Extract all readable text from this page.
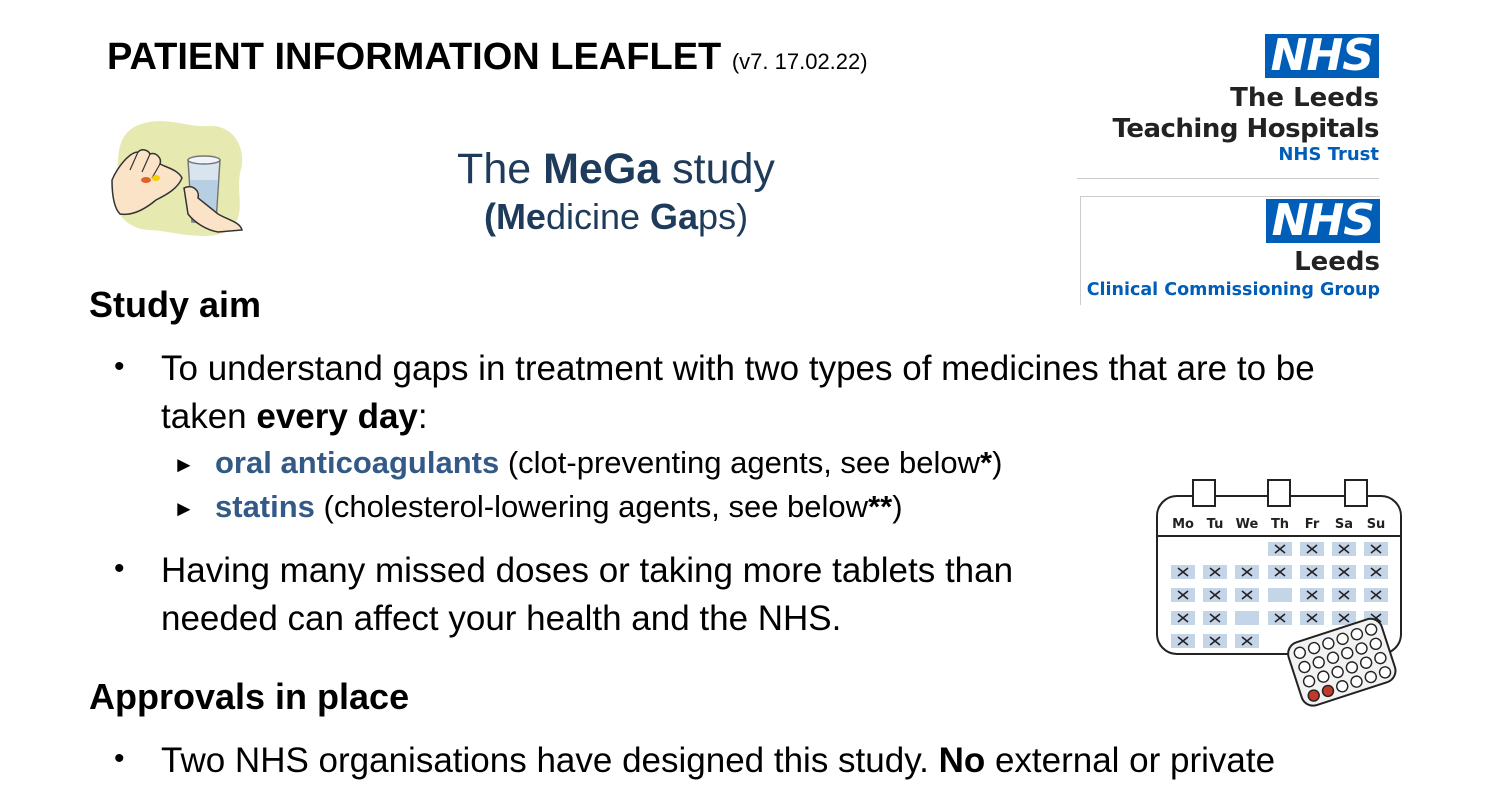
PATIENT INFORMATION LEAFLET (v7. 17.02.22)
The MeGa study
(Medicine Gaps)
NHS
The Leeds
Teaching Hospitals
NHS Trust
NHS
Leeds
Clinical Commissioning Group
Study aim
• To understand gaps in treatment with two types of medicines that are to be taken every day:
► oral anticoagulants (clot-preventing agents, see below*)
► statins (cholesterol-lowering agents, see below**)
• Having many missed doses or taking more tablets than needed can affect your health and the NHS.
Mo Tu We Th Fr Sa Su
Approvals in place
• Two NHS organisations have designed this study. No external or private
